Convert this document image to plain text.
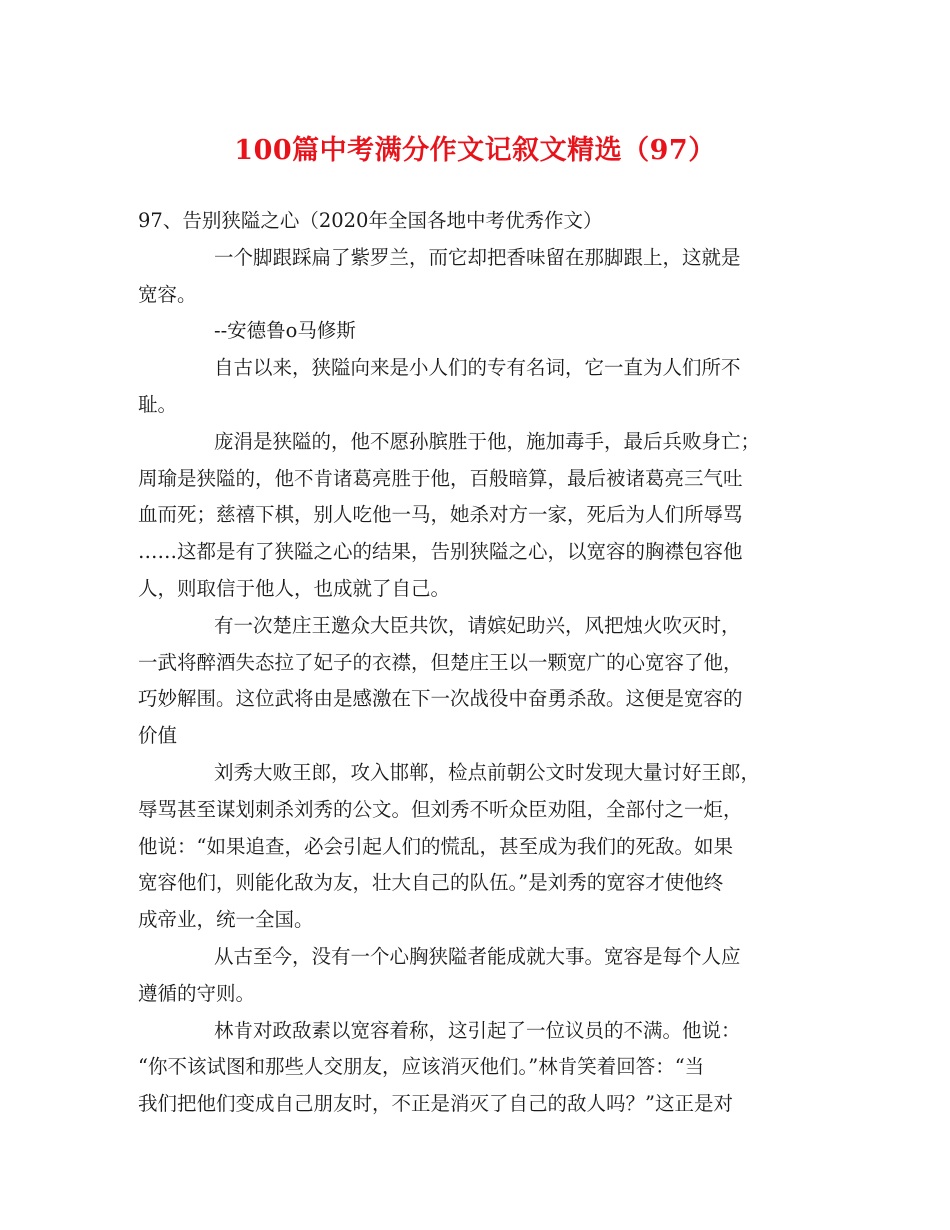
100篇中考满分作文记叙文精选（97）

97、告别狭隘之心（2020年全国各地中考优秀作文）

一个脚跟踩扁了紫罗兰，而它却把香味留在那脚跟上，这就是

宽容。

--安德鲁ο马修斯

自古以来，狭隘向来是小人们的专有名词，它一直为人们所不

耻。

庞涓是狭隘的，他不愿孙膑胜于他，施加毒手，最后兵败身亡；

周瑜是狭隘的，他不肯诸葛亮胜于他，百般暗算，最后被诸葛亮三气吐

血而死；慈禧下棋，别人吃他一马，她杀对方一家，死后为人们所辱骂

……这都是有了狭隘之心的结果，告别狭隘之心，以宽容的胸襟包容他

人，则取信于他人，也成就了自己。

有一次楚庄王邀众大臣共饮，请嫔妃助兴，风把烛火吹灭时，

一武将醉酒失态拉了妃子的衣襟，但楚庄王以一颗宽广的心宽容了他，

巧妙解围。这位武将由是感激在下一次战役中奋勇杀敌。这便是宽容的

价值

刘秀大败王郎，攻入邯郸，检点前朝公文时发现大量讨好王郎，

辱骂甚至谋划刺杀刘秀的公文。但刘秀不听众臣劝阻，全部付之一炬，

他说：“如果追查，必会引起人们的慌乱，甚至成为我们的死敌。如果

宽容他们，则能化敌为友，壮大自己的队伍。”是刘秀的宽容才使他终

成帝业，统一全国。

从古至今，没有一个心胸狭隘者能成就大事。宽容是每个人应

遵循的守则。

林肯对政敌素以宽容着称，这引起了一位议员的不满。他说：

“你不该试图和那些人交朋友，应该消灭他们。”林肯笑着回答：“当

我们把他们变成自己朋友时，不正是消灭了自己的敌人吗？”这正是对
